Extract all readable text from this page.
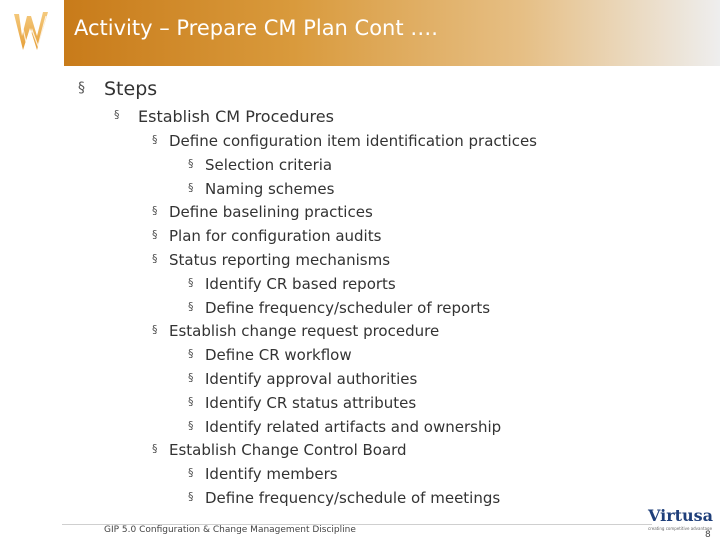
Activity – Prepare CM Plan Cont ….
§ Steps
§ Establish CM Procedures
§ Define configuration item identification practices
§ Selection criteria
§ Naming schemes
§ Define baselining practices
§ Plan for configuration audits
§ Status reporting mechanisms
§ Identify CR based reports
§ Define frequency/scheduler of reports
§ Establish change request procedure
§ Define CR workflow
§ Identify approval authorities
§ Identify CR status attributes
§ Identify related artifacts and ownership
§ Establish Change Control Board
§ Identify members
§ Define frequency/schedule of meetings
GIP 5.0 Configuration & Change Management Discipline
Virtusa
creating competitive advantage
8
